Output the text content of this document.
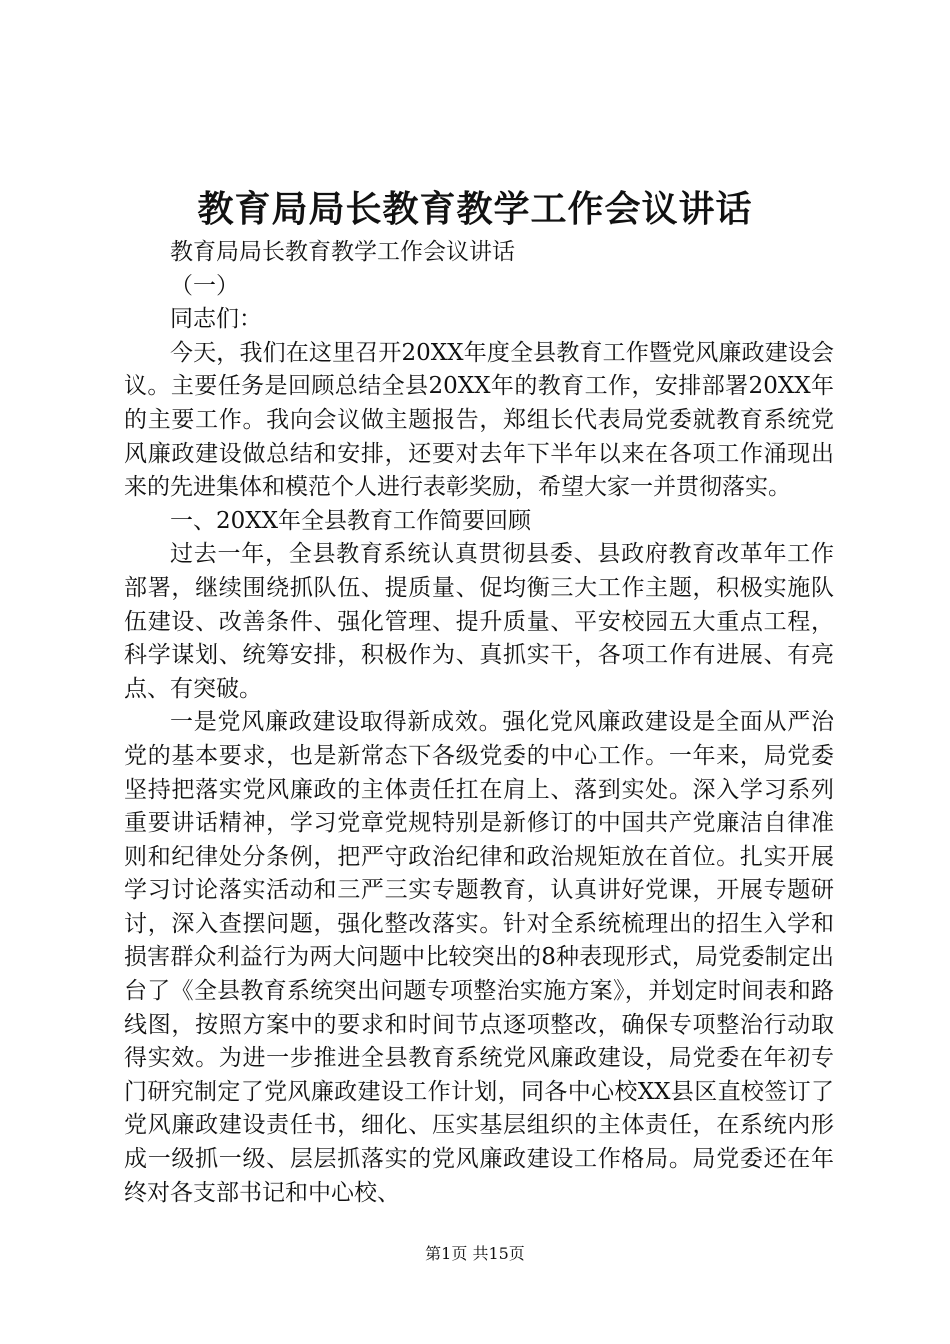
教育局局长教育教学工作会议讲话

教育局局长教育教学工作会议讲话

（一）

同志们：

今天，我们在这里召开20XX年度全县教育工作暨党风廉政建设会议。主要任务是回顾总结全县20XX年的教育工作，安排部署20XX年的主要工作。我向会议做主题报告，郑组长代表局党委就教育系统党风廉政建设做总结和安排，还要对去年下半年以来在各项工作涌现出来的先进集体和模范个人进行表彰奖励，希望大家一并贯彻落实。

一、20XX年全县教育工作简要回顾

过去一年，全县教育系统认真贯彻县委、县政府教育改革年工作部署，继续围绕抓队伍、提质量、促均衡三大工作主题，积极实施队伍建设、改善条件、强化管理、提升质量、平安校园五大重点工程，科学谋划、统筹安排，积极作为、真抓实干，各项工作有进展、有亮点、有突破。

一是党风廉政建设取得新成效。强化党风廉政建设是全面从严治党的基本要求，也是新常态下各级党委的中心工作。一年来，局党委坚持把落实党风廉政的主体责任扛在肩上、落到实处。深入学习系列重要讲话精神，学习党章党规特别是新修订的中国共产党廉洁自律准则和纪律处分条例，把严守政治纪律和政治规矩放在首位。扎实开展学习讨论落实活动和三严三实专题教育，认真讲好党课，开展专题研讨，深入查摆问题，强化整改落实。针对全系统梳理出的招生入学和损害群众利益行为两大问题中比较突出的8种表现形式，局党委制定出台了《全县教育系统突出问题专项整治实施方案》，并划定时间表和路线图，按照方案中的要求和时间节点逐项整改，确保专项整治行动取得实效。为进一步推进全县教育系统党风廉政建设，局党委在年初专门研究制定了党风廉政建设工作计划，同各中心校XX县区直校签订了党风廉政建设责任书，细化、压实基层组织的主体责任，在系统内形成一级抓一级、层层抓落实的党风廉政建设工作格局。局党委还在年终对各支部书记和中心校、

第1页 共15页
